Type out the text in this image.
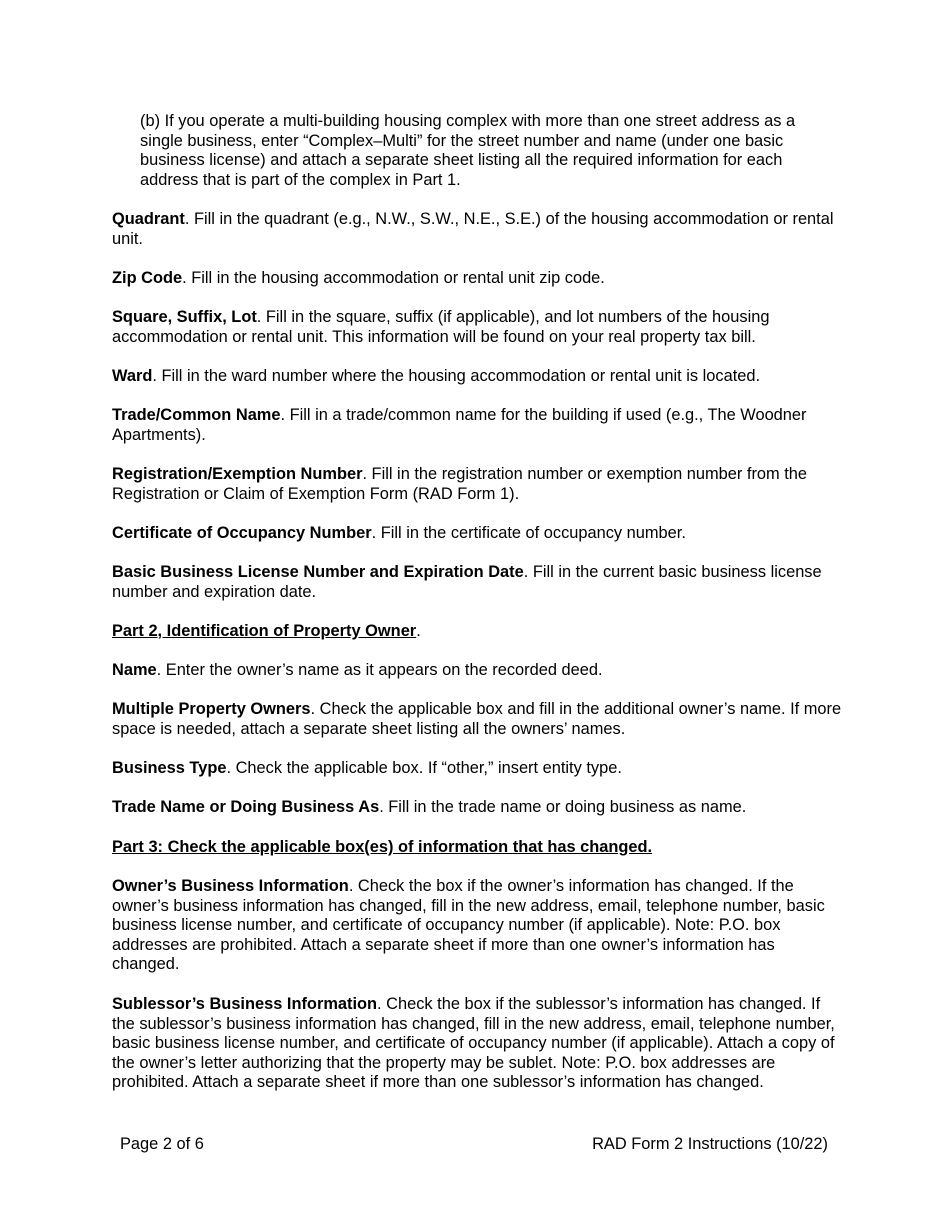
(b) If you operate a multi-building housing complex with more than one street address as a single business, enter “Complex–Multi” for the street number and name (under one basic business license) and attach a separate sheet listing all the required information for each address that is part of the complex in Part 1.

Quadrant. Fill in the quadrant (e.g., N.W., S.W., N.E., S.E.) of the housing accommodation or rental unit.

Zip Code. Fill in the housing accommodation or rental unit zip code.

Square, Suffix, Lot. Fill in the square, suffix (if applicable), and lot numbers of the housing accommodation or rental unit. This information will be found on your real property tax bill.

Ward. Fill in the ward number where the housing accommodation or rental unit is located.

Trade/Common Name. Fill in a trade/common name for the building if used (e.g., The Woodner Apartments).

Registration/Exemption Number. Fill in the registration number or exemption number from the Registration or Claim of Exemption Form (RAD Form 1).

Certificate of Occupancy Number. Fill in the certificate of occupancy number.

Basic Business License Number and Expiration Date. Fill in the current basic business license number and expiration date.

Part 2, Identification of Property Owner.

Name. Enter the owner’s name as it appears on the recorded deed.

Multiple Property Owners. Check the applicable box and fill in the additional owner’s name. If more space is needed, attach a separate sheet listing all the owners’ names.

Business Type. Check the applicable box. If “other,” insert entity type.

Trade Name or Doing Business As. Fill in the trade name or doing business as name.

Part 3: Check the applicable box(es) of information that has changed.

Owner’s Business Information. Check the box if the owner’s information has changed. If the owner’s business information has changed, fill in the new address, email, telephone number, basic business license number, and certificate of occupancy number (if applicable). Note: P.O. box addresses are prohibited. Attach a separate sheet if more than one owner’s information has changed.

Sublessor’s Business Information. Check the box if the sublessor’s information has changed. If the sublessor’s business information has changed, fill in the new address, email, telephone number, basic business license number, and certificate of occupancy number (if applicable). Attach a copy of the owner’s letter authorizing that the property may be sublet. Note: P.O. box addresses are prohibited. Attach a separate sheet if more than one sublessor’s information has changed.

Page 2 of 6	RAD Form 2 Instructions (10/22)
